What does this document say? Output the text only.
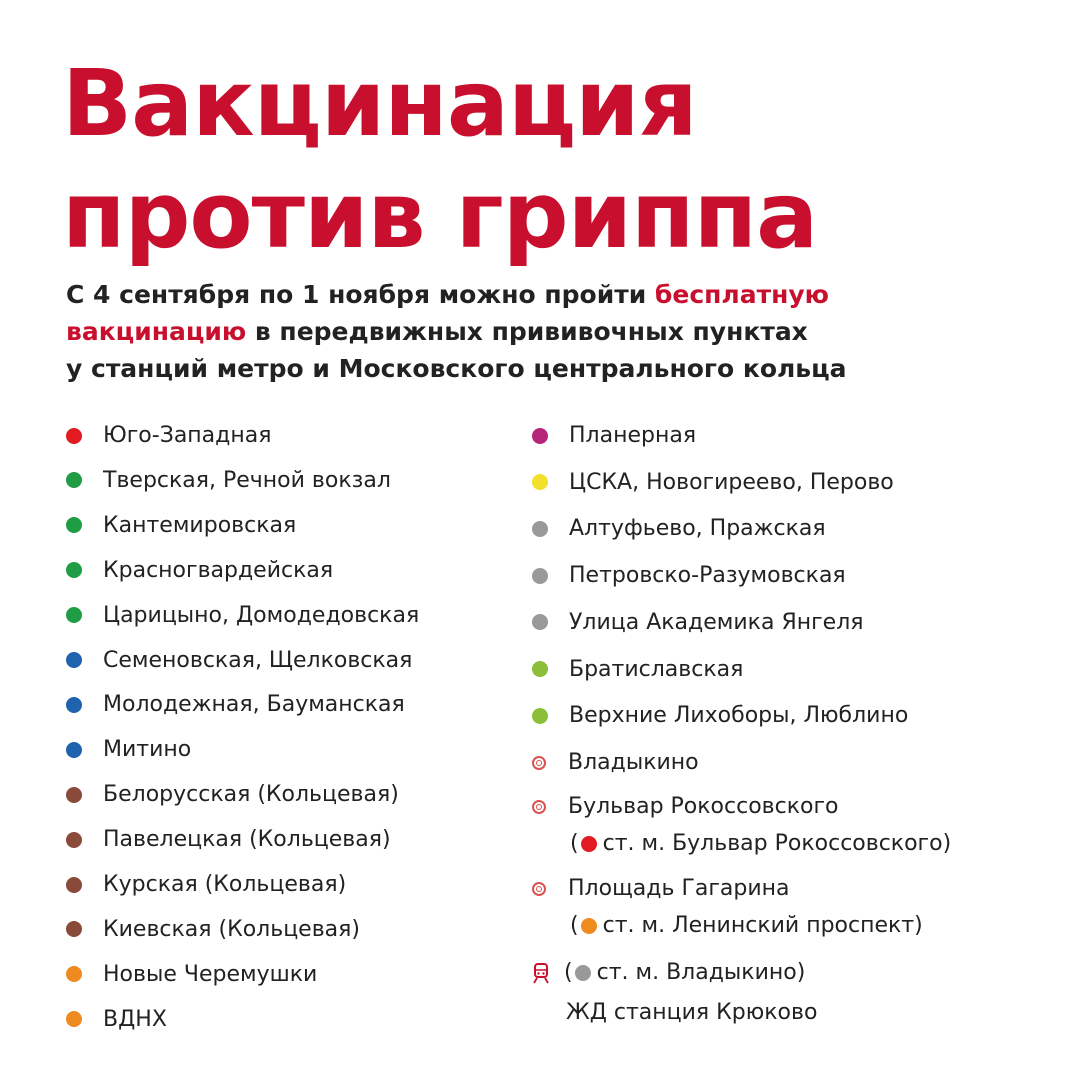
Вакцинация
против гриппа
С 4 сентября по 1 ноября можно пройти бесплатную
вакцинацию в передвижных прививочных пунктах
у станций метро и Московского центрального кольца
ВДНХ
Новые Черемушки
Киевская (Кольцевая)
Курская (Кольцевая)
Павелецкая (Кольцевая)
Белорусская (Кольцевая)
Митино
Молодежная, Бауманская
Семеновская, Щелковская
Царицыно, Домодедовская
Красногвардейская
Кантемировская
Тверская, Речной вокзал
Юго-Западная
Верхние Лихоборы, Люблино
Братиславская
Улица Академика Янгеля
Петровско-Разумовская
Алтуфьево, Пражская
ЦСКА, Новогиреево, Перово
Планерная
Владыкино
Бульвар Рокоссовского
( ст. м. Бульвар Рокоссовского)
Площадь Гагарина
( ст. м. Ленинский проспект)
( ст. м. Владыкино)
ЖД станция Крюково
